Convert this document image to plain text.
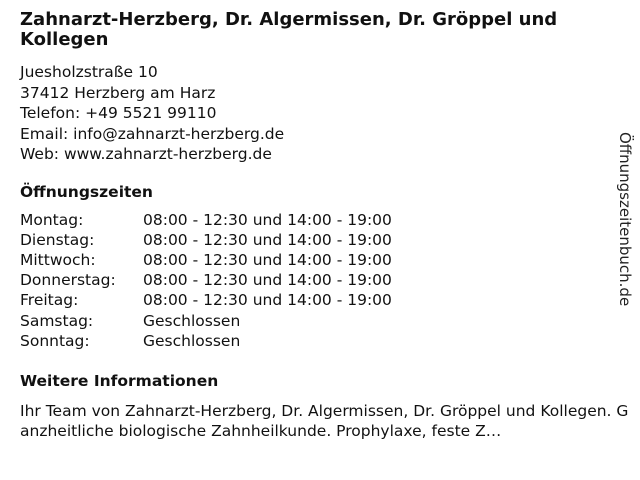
Zahnarzt-Herzberg, Dr. Algermissen, Dr. Gröppel und Kollegen
Juesholzstraße 10
37412 Herzberg am Harz
Telefon: +49 5521 99110
Email: info@zahnarzt-herzberg.de
Web: www.zahnarzt-herzberg.de
Öffnungszeiten
Montag:	08:00 - 12:30 und 14:00 - 19:00
Dienstag:	08:00 - 12:30 und 14:00 - 19:00
Mittwoch:	08:00 - 12:30 und 14:00 - 19:00
Donnerstag:	08:00 - 12:30 und 14:00 - 19:00
Freitag:	08:00 - 12:30 und 14:00 - 19:00
Samstag:	Geschlossen
Sonntag:	Geschlossen
Weitere Informationen
Ihr Team von Zahnarzt-Herzberg, Dr. Algermissen, Dr. Gröppel und Kollegen. Ganzheitliche biologische Zahnheilkunde. Prophylaxe, feste Z…
Öffnungszeitenbuch.de
